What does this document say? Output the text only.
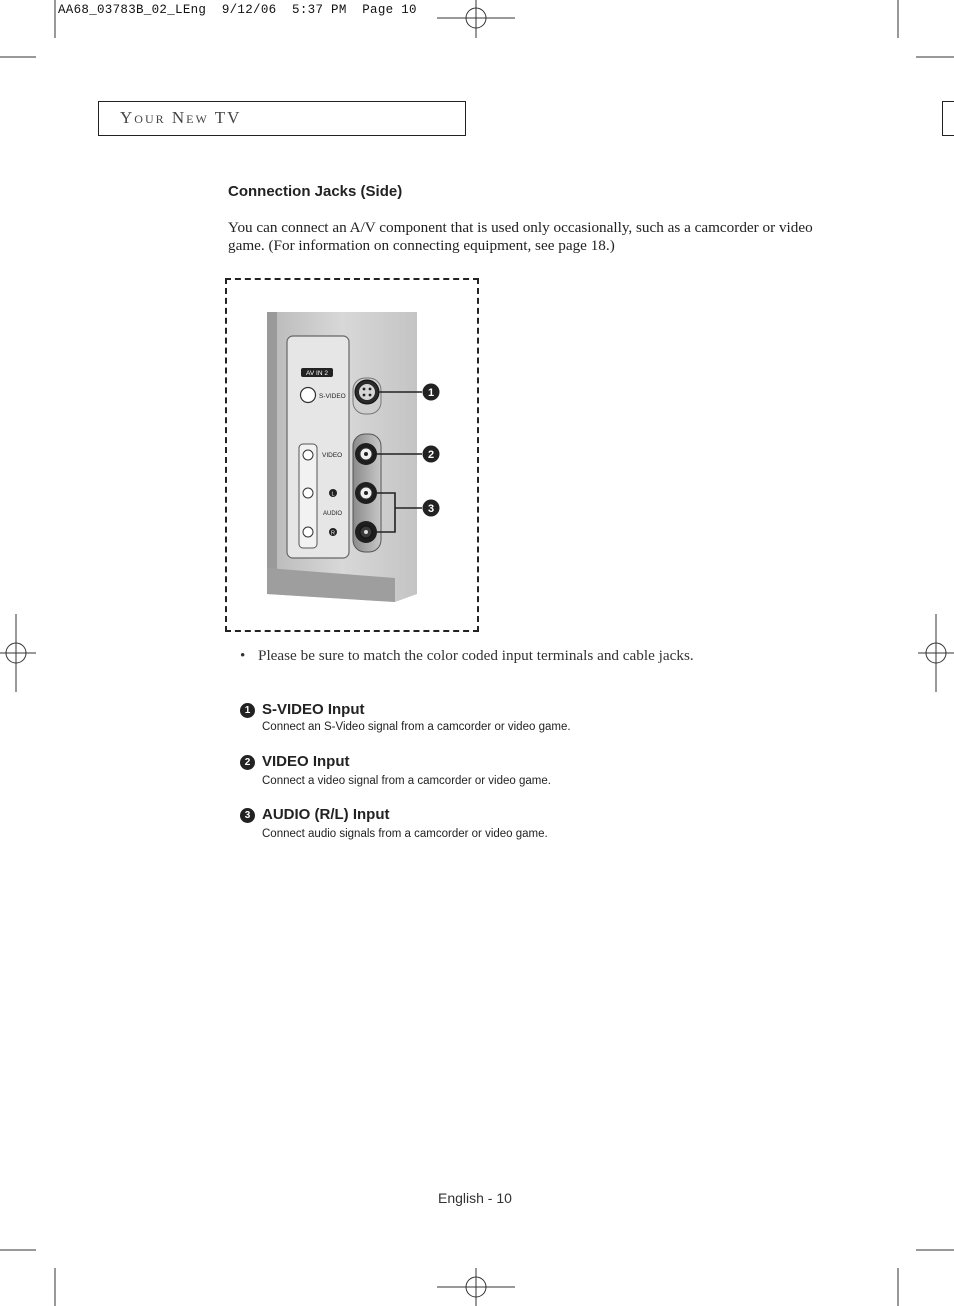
AA68_03783B_02_LEng  9/12/06  5:37 PM  Page 10
Your New TV
Connection Jacks (Side)
You can connect an A/V component that is used only occasionally, such as a camcorder or video game. (For information on connecting equipment, see page 18.)
AV IN 2
S-VIDEO
VIDEO
L
AUDIO
R
1
2
3
• Please be sure to match the color coded input terminals and cable jacks.
1 S-VIDEO Input
Connect an S-Video signal from a camcorder or video game.
2 VIDEO Input
Connect a video signal from a camcorder or video game.
3 AUDIO (R/L) Input
Connect audio signals from a camcorder or video game.
English - 10
